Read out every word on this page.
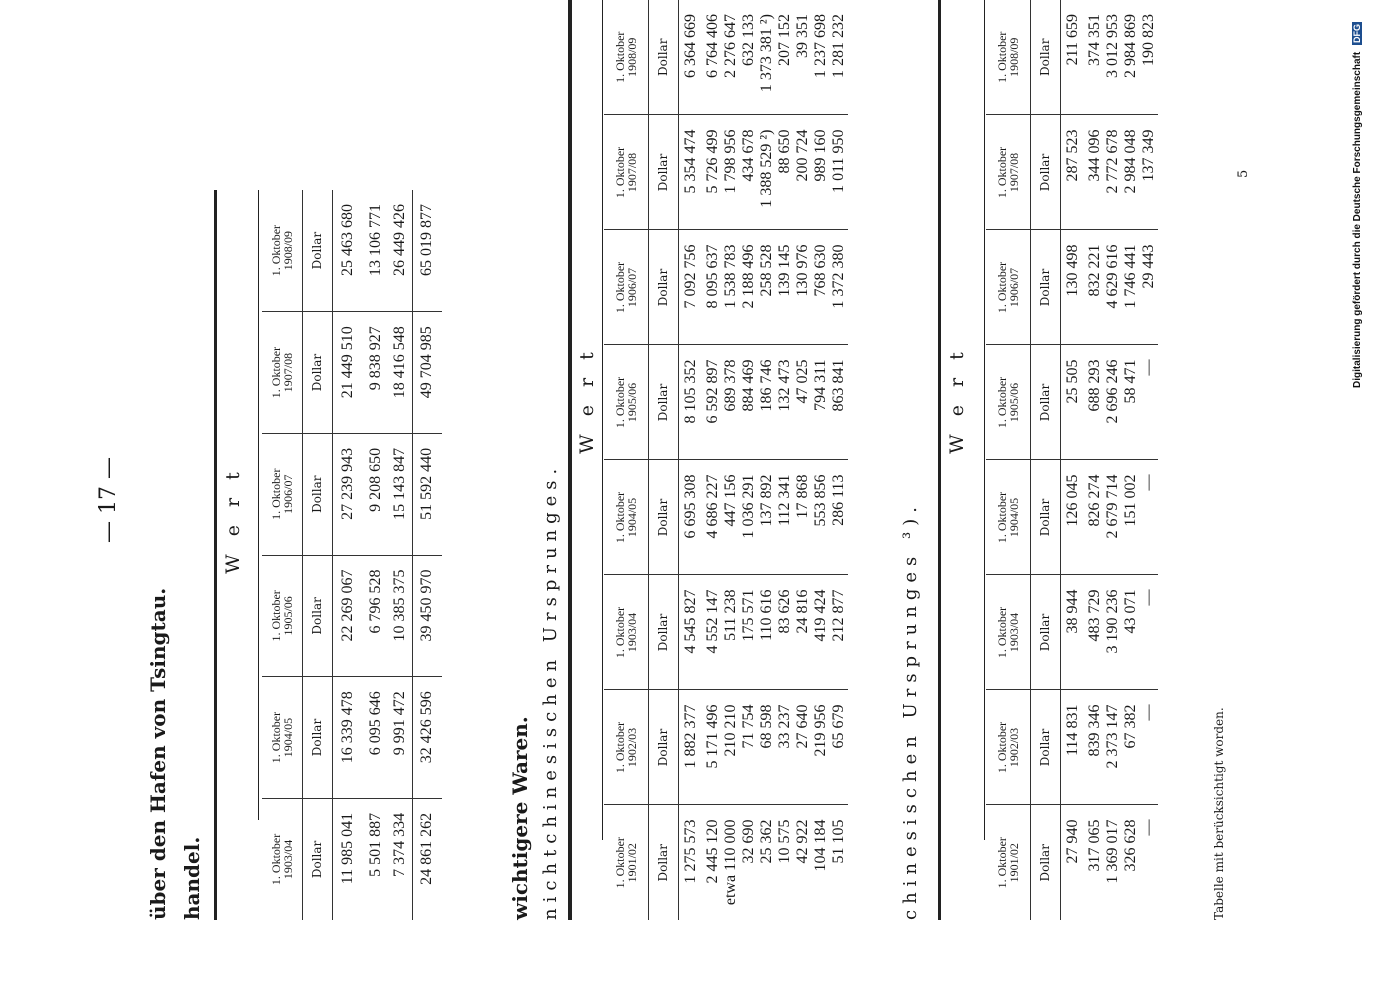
— 17 —
über den Hafen von Tsingtau. handel.
W e r t
1. Oktober
1903/04	1. Oktober
1904/05	1. Oktober
1905/06	1. Oktober
1906/07	1. Oktober
1907/08	1. Oktober
1908/09
Dollar	Dollar	Dollar	Dollar	Dollar	Dollar
11 985 041	16 339 478	22 269 067	27 239 943	21 449 510	25 463 680
5 501 887	6 095 646	6 796 528	9 208 650	9 838 927	13 106 771
7 374 334	9 991 472	10 385 375	15 143 847	18 416 548	26 449 426
24 861 262	32 426 596	39 450 970	51 592 440	49 704 985	65 019 877
wichtigere Waren. nichtchinesischen Ursprunges.
W e r t
1. Oktober
1901/02	1. Oktober
1902/03	1. Oktober
1903/04	1. Oktober
1904/05	1. Oktober
1905/06	1. Oktober
1906/07	1. Oktober
1907/08	1. Oktober
1908/09
Dollar	Dollar	Dollar	Dollar	Dollar	Dollar	Dollar	Dollar
1 275 573	1 882 377	4 545 827	6 695 308	8 105 352	7 092 756	5 354 474	6 364 669
2 445 120	5 171 496	4 552 147	4 686 227	6 592 897	8 095 637	5 726 499	6 764 406
etwa 110 000	210 210	511 238	447 156	689 378	1 538 783	1 798 956	2 276 647
32 690	71 754	175 571	1 036 291	884 469	2 188 496	434 678	632 133
25 362	68 598	110 616	137 892	186 746	258 528	1 388 529 ²)	1 373 381 ²)
10 575	33 237	83 626	112 341	132 473	139 145	88 650	207 152
42 922	27 640	24 816	17 868	47 025	130 976	200 724	39 351
104 184	219 956	419 424	553 856	794 311	768 630	989 160	1 237 698
51 105	65 679	212 877	286 113	863 841	1 372 380	1 011 950	1 281 232
chinesischen Ursprunges ³).
W e r t
1. Oktober
1901/02	1. Oktober
1902/03	1. Oktober
1903/04	1. Oktober
1904/05	1. Oktober
1905/06	1. Oktober
1906/07	1. Oktober
1907/08	1. Oktober
1908/09
Dollar	Dollar	Dollar	Dollar	Dollar	Dollar	Dollar	Dollar
27 940	114 831	38 944	126 045	25 505	130 498	287 523	211 659
317 065	839 346	483 729	826 274	688 293	832 221	344 096	374 351
1 369 017	2 373 147	3 190 236	2 679 714	2 696 246	4 629 616	2 772 678	3 012 953
326 628	67 382	43 071	151 002	58 471	1 746 441	2 984 048	2 984 869
—	—	—	—	—	29 443	137 349	190 823
Tabelle mit berücksichtigt worden.
5	Digitalisierung gefördert durch die Deutsche Forschungsgemeinschaft DFG
